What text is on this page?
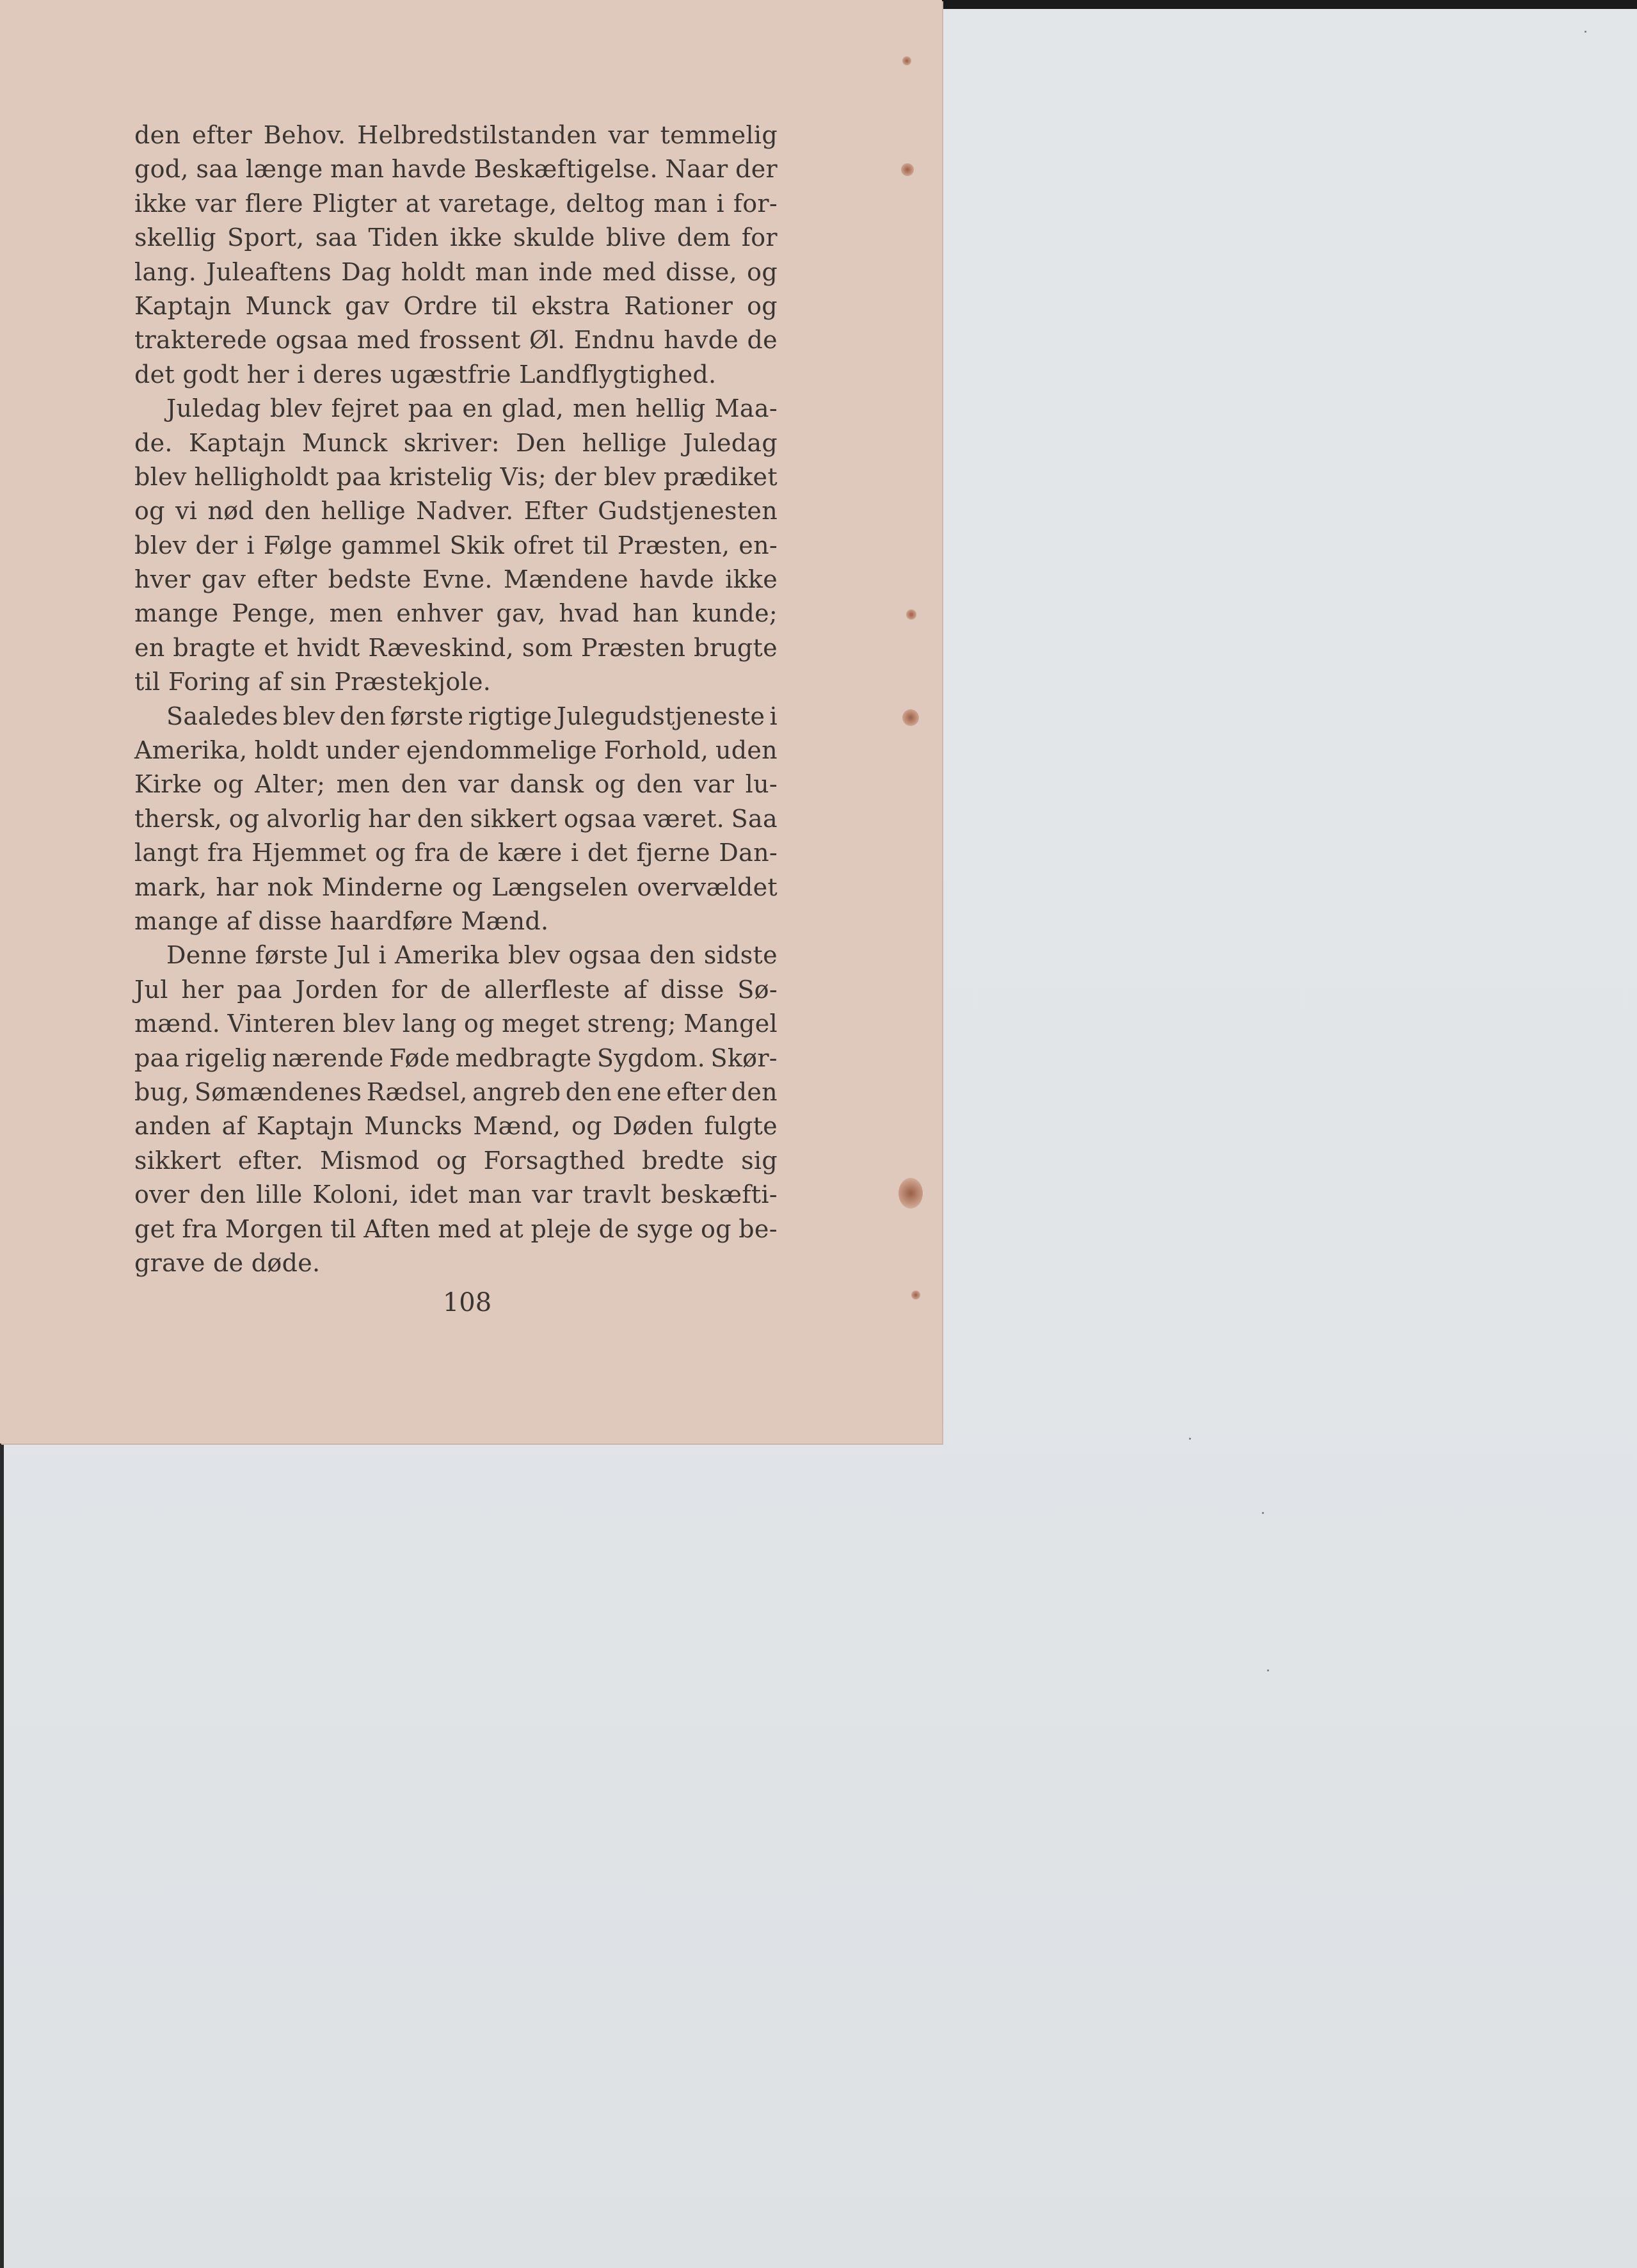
den efter Behov. Helbredstilstanden var temmelig
god, saa længe man havde Beskæftigelse. Naar der
ikke var flere Pligter at varetage, deltog man i for-
skellig Sport, saa Tiden ikke skulde blive dem for
lang. Juleaftens Dag holdt man inde med disse, og
Kaptajn Munck gav Ordre til ekstra Rationer og
trakterede ogsaa med frossent Øl. Endnu havde de
det godt her i deres ugæstfrie Landflygtighed.
Juledag blev fejret paa en glad, men hellig Maa-
de. Kaptajn Munck skriver: Den hellige Juledag
blev helligholdt paa kristelig Vis; der blev prædiket
og vi nød den hellige Nadver. Efter Gudstjenesten
blev der i Følge gammel Skik ofret til Præsten, en-
hver gav efter bedste Evne. Mændene havde ikke
mange Penge, men enhver gav, hvad han kunde;
en bragte et hvidt Ræveskind, som Præsten brugte
til Foring af sin Præstekjole.
Saaledes blev den første rigtige Julegudstjeneste i
Amerika, holdt under ejendommelige Forhold, uden
Kirke og Alter; men den var dansk og den var lu-
thersk, og alvorlig har den sikkert ogsaa været. Saa
langt fra Hjemmet og fra de kære i det fjerne Dan-
mark, har nok Minderne og Længselen overvældet
mange af disse haardføre Mænd.
Denne første Jul i Amerika blev ogsaa den sidste
Jul her paa Jorden for de allerfleste af disse Sø-
mænd. Vinteren blev lang og meget streng; Mangel
paa rigelig nærende Føde medbragte Sygdom. Skør-
bug, Sømændenes Rædsel, angreb den ene efter den
anden af Kaptajn Muncks Mænd, og Døden fulgte
sikkert efter. Mismod og Forsagthed bredte sig
over den lille Koloni, idet man var travlt beskæfti-
get fra Morgen til Aften med at pleje de syge og be-
grave de døde.
108
